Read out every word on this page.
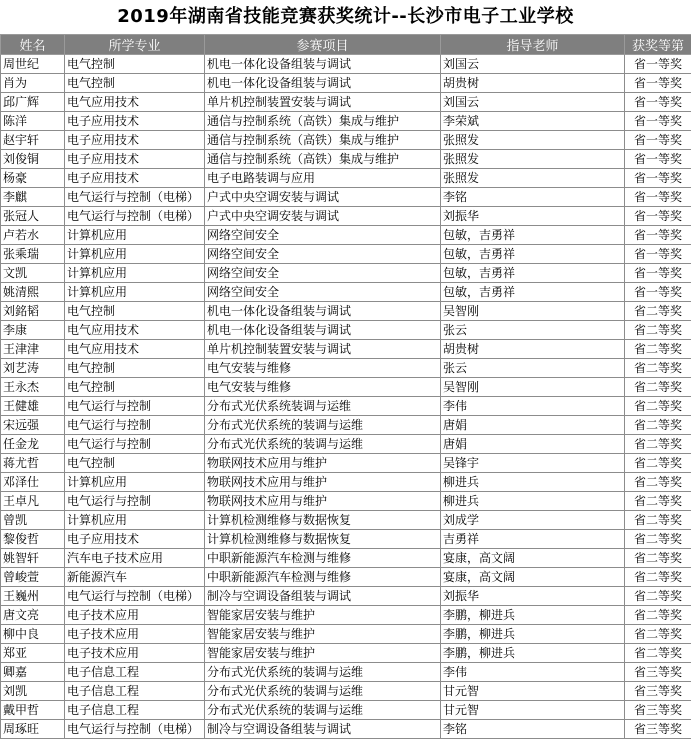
2019年湖南省技能竞赛获奖统计--长沙市电子工业学校
姓名	所学专业	参赛项目	指导老师	获奖等第
周世纪	电气控制	机电一体化设备组装与调试	刘国云	省一等奖
肖为	电气控制	机电一体化设备组装与调试	胡贵树	省一等奖
邱广辉	电气应用技术	单片机控制装置安装与调试	刘国云	省一等奖
陈洋	电子应用技术	通信与控制系统（高铁）集成与维护	李荣斌	省一等奖
赵宇轩	电子应用技术	通信与控制系统（高铁）集成与维护	张照发	省一等奖
刘俊铜	电子应用技术	通信与控制系统（高铁）集成与维护	张照发	省一等奖
杨豪	电子应用技术	电子电路装调与应用	张照发	省一等奖
李麒	电气运行与控制（电梯）	户式中央空调安装与调试	李铭	省一等奖
张冠人	电气运行与控制（电梯）	户式中央空调安装与调试	刘振华	省一等奖
卢若水	计算机应用	网络空间安全	包敏，吉勇祥	省一等奖
张乘瑞	计算机应用	网络空间安全	包敏，吉勇祥	省一等奖
文凯	计算机应用	网络空间安全	包敏，吉勇祥	省一等奖
姚清熙	计算机应用	网络空间安全	包敏，吉勇祥	省一等奖
刘銘韬	电气控制	机电一体化设备组装与调试	吴智刚	省二等奖
李康	电气应用技术	机电一体化设备组装与调试	张云	省二等奖
王津津	电气应用技术	单片机控制装置安装与调试	胡贵树	省二等奖
刘艺涛	电气控制	电气安装与维修	张云	省二等奖
王永杰	电气控制	电气安装与维修	吴智刚	省二等奖
王健雄	电气运行与控制	分布式光伏系统装调与运维	李伟	省二等奖
宋远强	电气运行与控制	分布式光伏系统的装调与运维	唐娟	省二等奖
任金龙	电气运行与控制	分布式光伏系统的装调与运维	唐娟	省二等奖
蒋尤哲	电气控制	物联网技术应用与维护	吴锋宇	省二等奖
邓泽仕	计算机应用	物联网技术应用与维护	柳进兵	省二等奖
王卓凡	电气运行与控制	物联网技术应用与维护	柳进兵	省二等奖
曾凯	计算机应用	计算机检测维修与数据恢复	刘成学	省二等奖
黎俊哲	电子应用技术	计算机检测维修与数据恢复	吉勇祥	省二等奖
姚智轩	汽车电子技术应用	中职新能源汽车检测与维修	宴康，高文阔	省二等奖
曾峻萱	新能源汽车	中职新能源汽车检测与维修	宴康，高文阔	省二等奖
王巍州	电气运行与控制（电梯）	制冷与空调设备组装与调试	刘振华	省二等奖
唐文亮	电子技术应用	智能家居安装与维护	李鹏，柳进兵	省二等奖
柳中良	电子技术应用	智能家居安装与维护	李鹏，柳进兵	省二等奖
郑亚	电子技术应用	智能家居安装与维护	李鹏，柳进兵	省二等奖
卿嘉	电子信息工程	分布式光伏系统的装调与运维	李伟	省三等奖
刘凯	电子信息工程	分布式光伏系统的装调与运维	甘元智	省三等奖
戴甲哲	电子信息工程	分布式光伏系统的装调与运维	甘元智	省三等奖
周琢旺	电气运行与控制（电梯）	制冷与空调设备组装与调试	李铭	省三等奖
